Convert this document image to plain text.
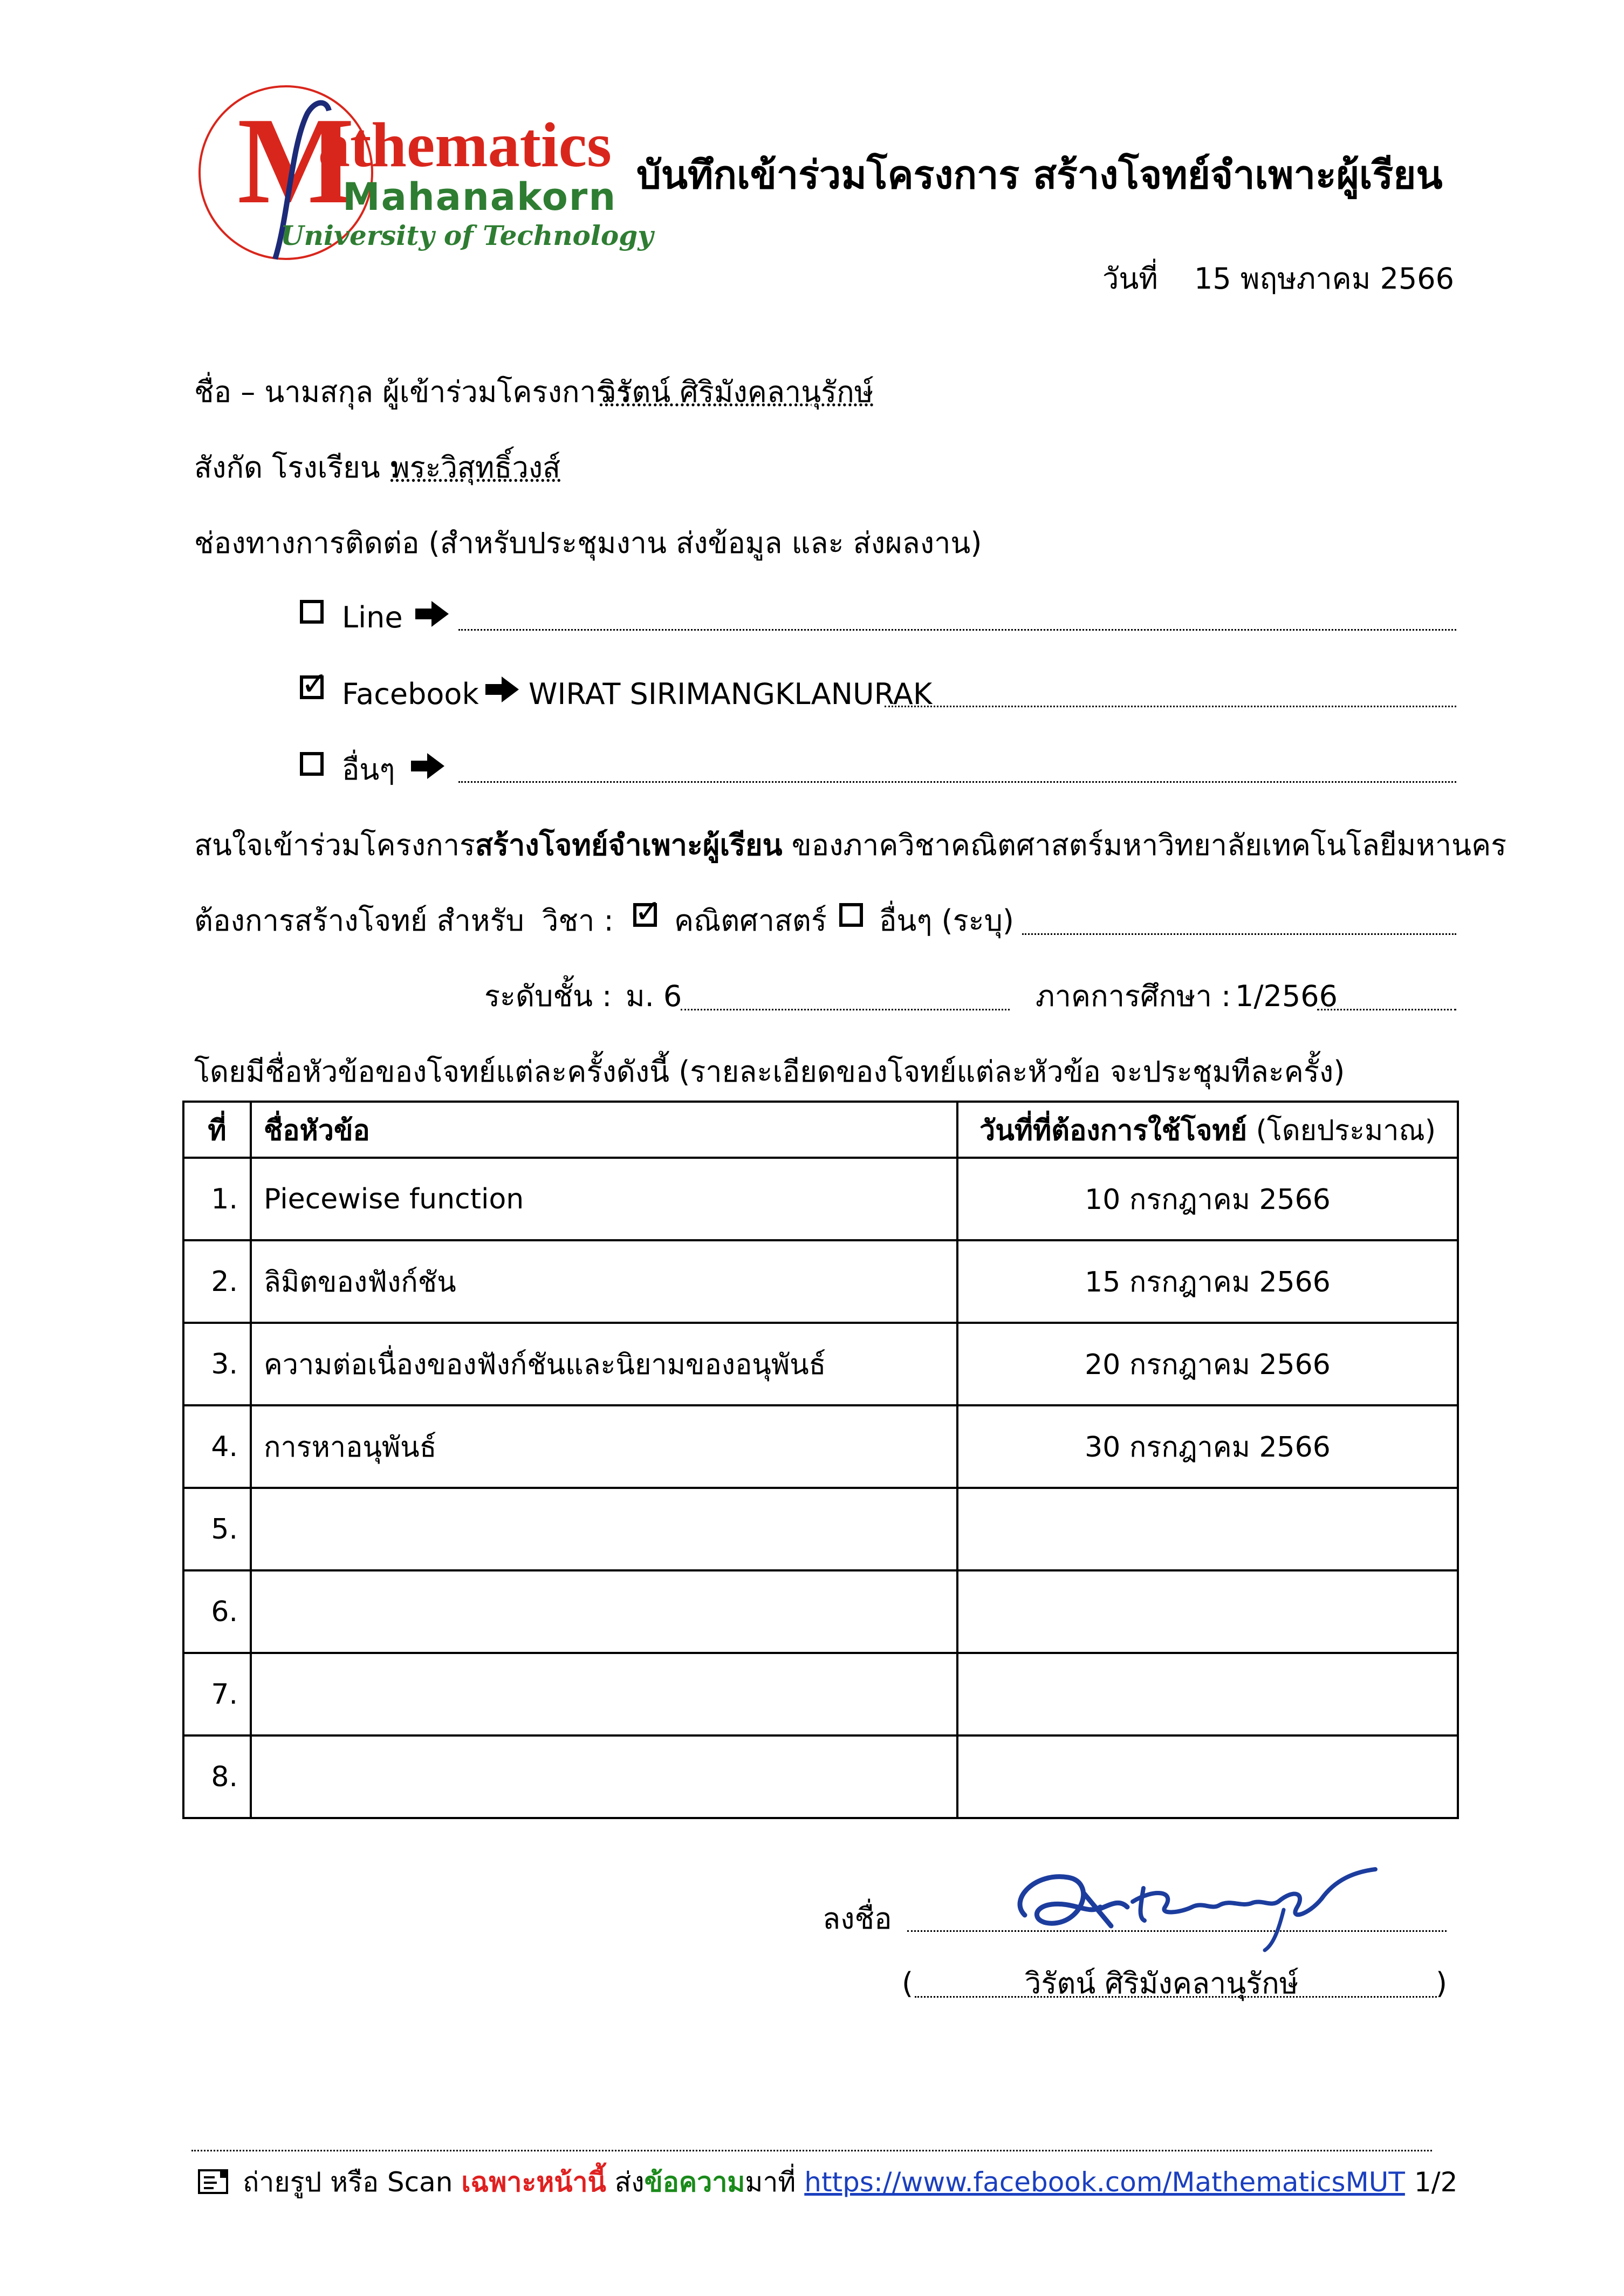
M
athematics
Mahanakorn
University of Technology
บันทึกเข้าร่วมโครงการ สร้างโจทย์จำเพาะผู้เรียน
วันที่ 15 พฤษภาคม 2566
ชื่อ – นามสกุล ผู้เข้าร่วมโครงการ :
วิรัตน์ ศิริมังคลานุรักษ์
สังกัด โรงเรียน :
พระวิสุทธิ์วงส์
ช่องทางการติดต่อ (สำหรับประชุมงาน ส่งข้อมูล และ ส่งผลงาน)
Line
✓ Facebook WIRAT SIRIMANGKLANURAK
อื่นๆ
สนใจเข้าร่วมโครงการสร้างโจทย์จำเพาะผู้เรียน ของภาควิชาคณิตศาสตร์มหาวิทยาลัยเทคโนโลยีมหานคร
ต้องการสร้างโจทย์ สำหรับ วิชา : ✓ คณิตศาสตร์ อื่นๆ (ระบุ)
ระดับชั้น : ม. 6	ภาคการศึกษา : 1/2566
โดยมีชื่อหัวข้อของโจทย์แต่ละครั้งดังนี้ (รายละเอียดของโจทย์แต่ละหัวข้อ จะประชุมทีละครั้ง)
ที่	ชื่อหัวข้อ	วันที่ที่ต้องการใช้โจทย์ (โดยประมาณ)
1.	Piecewise function	10 กรกฎาคม 2566
2.	ลิมิตของฟังก์ชัน	15 กรกฎาคม 2566
3.	ความต่อเนื่องของฟังก์ชันและนิยามของอนุพันธ์	20 กรกฎาคม 2566
4.	การหาอนุพันธ์	30 กรกฎาคม 2566
5.		
6.		
7.		
8.		
ลงชื่อ
(	วิรัตน์ ศิริมังคลานุรักษ์	)
ถ่ายรูป หรือ Scan เฉพาะหน้านี้ ส่งข้อความมาที่ https://www.facebook.com/MathematicsMUT 1/2
